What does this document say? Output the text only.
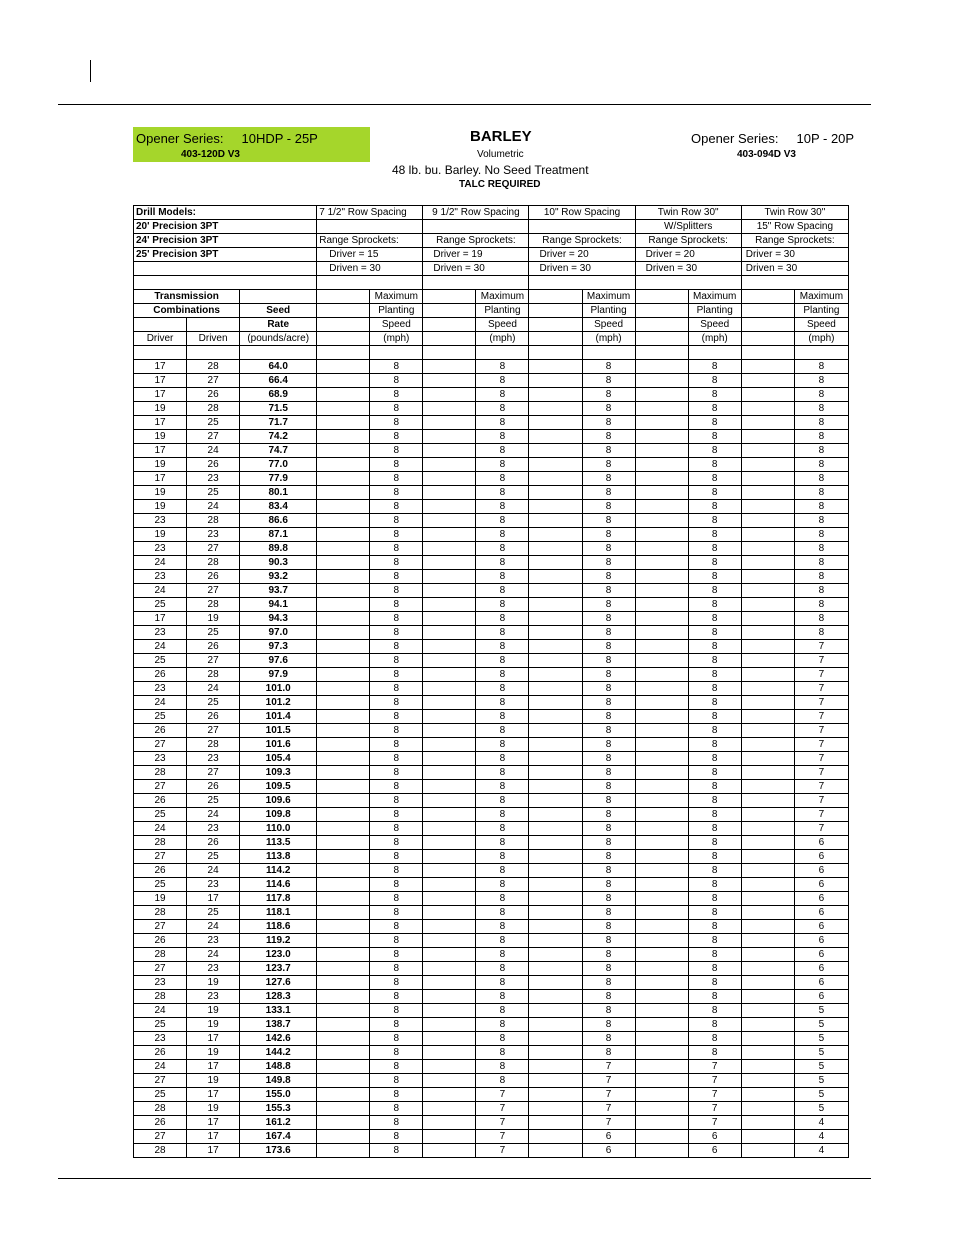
Opener Series:     10HDP - 25P
403-120D V3
BARLEY
Volumetric
48 lb. bu. Barley. No Seed Treatment
TALC REQUIRED
Opener Series:     10P - 20P
403-094D V3
Drill Models:			7 1/2" Row Spacing		9 1/2" Row Spacing		10" Row Spacing		Twin Row 30"		Twin Row 30"	
20' Precision 3PT									W/Splitters		15" Row Spacing	
24' Precision 3PT			Range Sprockets:		Range Sprockets:		Range Sprockets:		Range Sprockets:		Range Sprockets:	
25' Precision 3PT			Driver = 15		Driver = 19		Driver = 20		Driver = 20		Driver = 30	
			Driven = 30		Driven = 30		Driven = 30		Driven = 30		Driven = 30	

Transmission				Maximum		Maximum		Maximum		Maximum		Maximum
Combinations		Seed		Planting		Planting		Planting		Planting		Planting
		Rate		Speed		Speed		Speed		Speed		Speed
Driver	Driven	(pounds/acre)		(mph)		(mph)		(mph)		(mph)		(mph)

17	28	64.0		8		8		8		8		8
17	27	66.4		8		8		8		8		8
17	26	68.9		8		8		8		8		8
19	28	71.5		8		8		8		8		8
17	25	71.7		8		8		8		8		8
19	27	74.2		8		8		8		8		8
17	24	74.7		8		8		8		8		8
19	26	77.0		8		8		8		8		8
17	23	77.9		8		8		8		8		8
19	25	80.1		8		8		8		8		8
19	24	83.4		8		8		8		8		8
23	28	86.6		8		8		8		8		8
19	23	87.1		8		8		8		8		8
23	27	89.8		8		8		8		8		8
24	28	90.3		8		8		8		8		8
23	26	93.2		8		8		8		8		8
24	27	93.7		8		8		8		8		8
25	28	94.1		8		8		8		8		8
17	19	94.3		8		8		8		8		8
23	25	97.0		8		8		8		8		8
24	26	97.3		8		8		8		8		7
25	27	97.6		8		8		8		8		7
26	28	97.9		8		8		8		8		7
23	24	101.0		8		8		8		8		7
24	25	101.2		8		8		8		8		7
25	26	101.4		8		8		8		8		7
26	27	101.5		8		8		8		8		7
27	28	101.6		8		8		8		8		7
23	23	105.4		8		8		8		8		7
28	27	109.3		8		8		8		8		7
27	26	109.5		8		8		8		8		7
26	25	109.6		8		8		8		8		7
25	24	109.8		8		8		8		8		7
24	23	110.0		8		8		8		8		7
28	26	113.5		8		8		8		8		6
27	25	113.8		8		8		8		8		6
26	24	114.2		8		8		8		8		6
25	23	114.6		8		8		8		8		6
19	17	117.8		8		8		8		8		6
28	25	118.1		8		8		8		8		6
27	24	118.6		8		8		8		8		6
26	23	119.2		8		8		8		8		6
28	24	123.0		8		8		8		8		6
27	23	123.7		8		8		8		8		6
23	19	127.6		8		8		8		8		6
28	23	128.3		8		8		8		8		6
24	19	133.1		8		8		8		8		5
25	19	138.7		8		8		8		8		5
23	17	142.6		8		8		8		8		5
26	19	144.2		8		8		8		8		5
24	17	148.8		8		8		7		7		5
27	19	149.8		8		8		7		7		5
25	17	155.0		8		7		7		7		5
28	19	155.3		8		7		7		7		5
26	17	161.2		8		7		7		7		4
27	17	167.4		8		7		6		6		4
28	17	173.6		8		7		6		6		4
